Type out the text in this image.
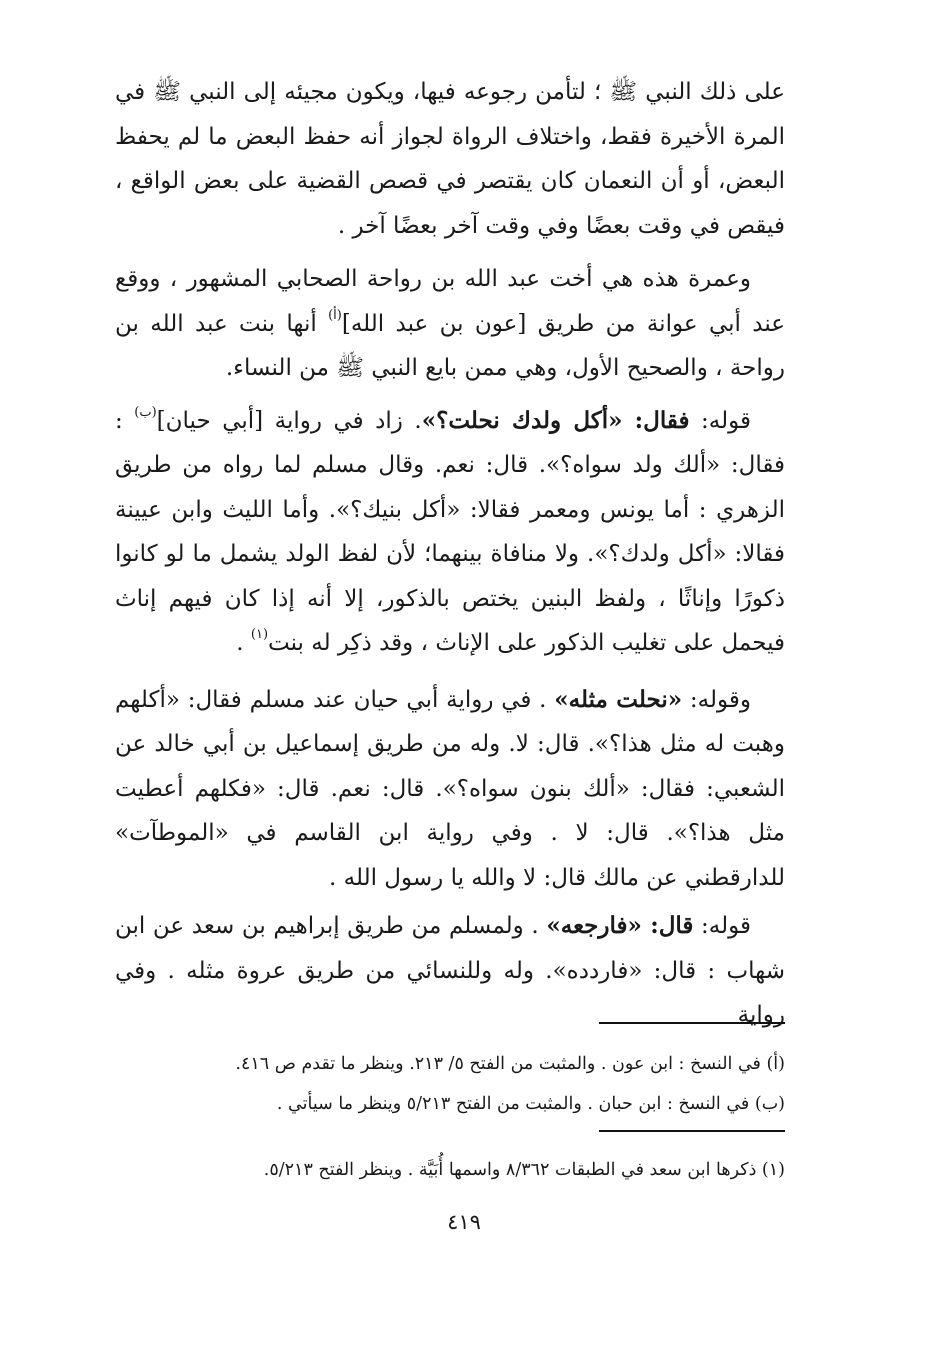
على ذلك النبي ﷺ ؛ لتأمن رجوعه فيها، ويكون مجيئه إلى النبي ﷺ في المرة الأخيرة فقط، واختلاف الرواة لجواز أنه حفظ البعض ما لم يحفظ البعض، أو أن النعمان كان يقتصر في قصص القضية على بعض الواقع ، فيقص في وقت بعضًا وفي وقت آخر بعضًا آخر .

وعمرة هذه هي أخت عبد الله بن رواحة الصحابي المشهور ، ووقع عند أبي عوانة من طريق [عون بن عبد الله]$^{(أ)}$ أنها بنت عبد الله بن رواحة ، والصحيح الأول، وهي ممن بايع النبي ﷺ من النساء.

قوله: فقال: «أكل ولدك نحلت؟». زاد في رواية [أبي حيان]$^{(ب)}$ : فقال: «ألك ولد سواه؟». قال: نعم. وقال مسلم لما رواه من طريق الزهري : أما يونس ومعمر فقالا: «أكل بنيك؟». وأما الليث وابن عيينة فقالا: «أكل ولدك؟». ولا منافاة بينهما؛ لأن لفظ الولد يشمل ما لو كانوا ذكورًا وإناثًا ، ولفظ البنين يختص بالذكور، إلا أنه إذا كان فيهم إناث فيحمل على تغليب الذكور على الإناث ، وقد ذكِر له بنت$^{(١)}$ .

وقوله: «نحلت مثله» . في رواية أبي حيان عند مسلم فقال: «أكلهم وهبت له مثل هذا؟». قال: لا. وله من طريق إسماعيل بن أبي خالد عن الشعبي: فقال: «ألك بنون سواه؟». قال: نعم. قال: «فكلهم أعطيت مثل هذا؟». قال: لا . وفي رواية ابن القاسم في «الموطآت» للدارقطني عن مالك قال: لا والله يا رسول الله .

قوله: قال: «فارجعه» . ولمسلم من طريق إبراهيم بن سعد عن ابن شهاب : قال: «فاردده». وله وللنسائي من طريق عروة مثله . وفي رواية

(أ) في النسخ : ابن عون . والمثبت من الفتح ٥/ ٢١٣. وينظر ما تقدم ص ٤١٦.
(ب) في النسخ : ابن حبان . والمثبت من الفتح ٥/٢١٣ وينظر ما سيأتي .
(١) ذكرها ابن سعد في الطبقات ٨/٣٦٢ واسمها أُبَيَّة . وينظر الفتح ٥/٢١٣.
٤١٩
